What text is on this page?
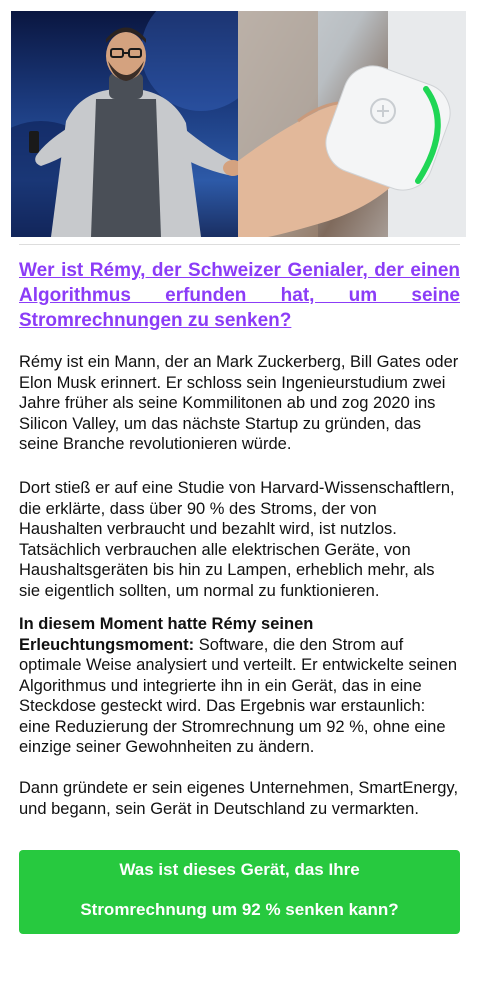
Wer ist Rémy, der Schweizer Genialer, der einen Algorithmus erfunden hat, um seine Stromrechnungen zu senken?

Rémy ist ein Mann, der an Mark Zuckerberg, Bill Gates oder Elon Musk erinnert. Er schloss sein Ingenieurstudium zwei Jahre früher als seine Kommilitonen ab und zog 2020 ins Silicon Valley, um das nächste Startup zu gründen, das seine Branche revolutionieren würde.

Dort stieß er auf eine Studie von Harvard-Wissenschaftlern, die erklärte, dass über 90 % des Stroms, der von Haushalten verbraucht und bezahlt wird, ist nutzlos. Tatsächlich verbrauchen alle elektrischen Geräte, von Haushaltsgeräten bis hin zu Lampen, erheblich mehr, als sie eigentlich sollten, um normal zu funktionieren.

In diesem Moment hatte Rémy seinen Erleuchtungsmoment: Software, die den Strom auf optimale Weise analysiert und verteilt. Er entwickelte seinen Algorithmus und integrierte ihn in ein Gerät, das in eine Steckdose gesteckt wird. Das Ergebnis war erstaunlich: eine Reduzierung der Stromrechnung um 92 %, ohne eine einzige seiner Gewohnheiten zu ändern.

Dann gründete er sein eigenes Unternehmen, SmartEnergy, und begann, sein Gerät in Deutschland zu vermarkten.

Was ist dieses Gerät, das Ihre
Stromrechnung um 92 % senken kann?
